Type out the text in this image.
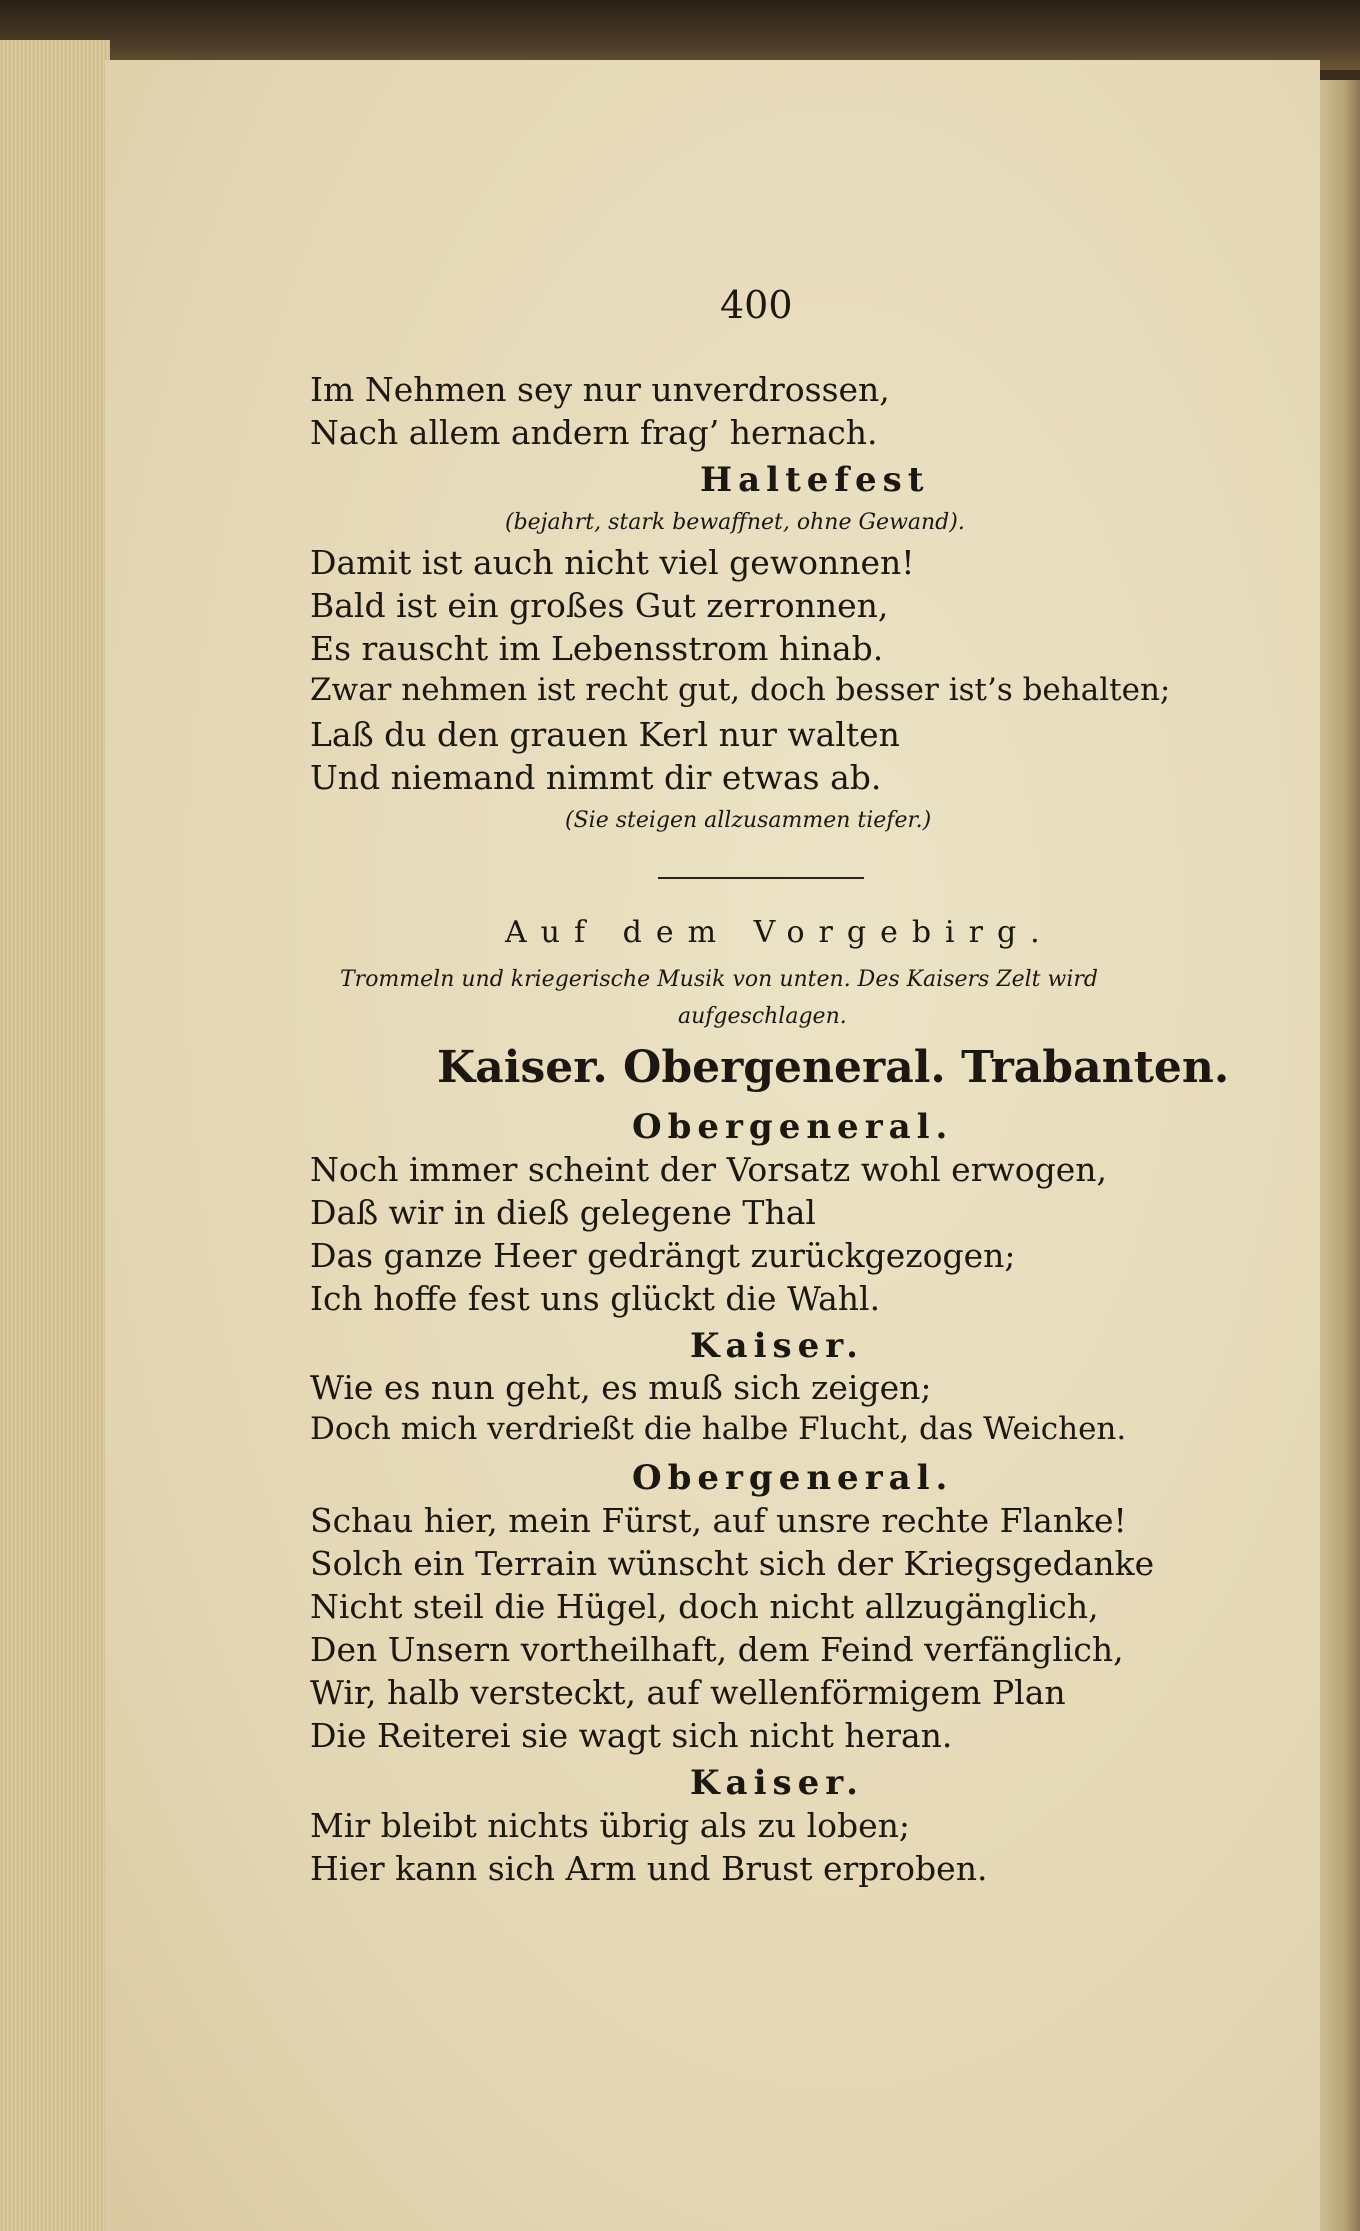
400
Im Nehmen sey nur unverdrossen,
Nach allem andern frag’ hernach.
Haltefest
(bejahrt, stark bewaffnet, ohne Gewand).
Damit ist auch nicht viel gewonnen!
Bald ist ein großes Gut zerronnen,
Es rauscht im Lebensstrom hinab.
Zwar nehmen ist recht gut, doch besser ist’s behalten;
Laß du den grauen Kerl nur walten
Und niemand nimmt dir etwas ab.
(Sie steigen allzusammen tiefer.)
Auf dem Vorgebirg.
Trommeln und kriegerische Musik von unten. Des Kaisers Zelt wird
aufgeschlagen.
Kaiser. Obergeneral. Trabanten.
Obergeneral.
Noch immer scheint der Vorsatz wohl erwogen,
Daß wir in dieß gelegene Thal
Das ganze Heer gedrängt zurückgezogen;
Ich hoffe fest uns glückt die Wahl.
Kaiser.
Wie es nun geht, es muß sich zeigen;
Doch mich verdrießt die halbe Flucht, das Weichen.
Obergeneral.
Schau hier, mein Fürst, auf unsre rechte Flanke!
Solch ein Terrain wünscht sich der Kriegsgedanke
Nicht steil die Hügel, doch nicht allzugänglich,
Den Unsern vortheilhaft, dem Feind verfänglich,
Wir, halb versteckt, auf wellenförmigem Plan
Die Reiterei sie wagt sich nicht heran.
Kaiser.
Mir bleibt nichts übrig als zu loben;
Hier kann sich Arm und Brust erproben.
